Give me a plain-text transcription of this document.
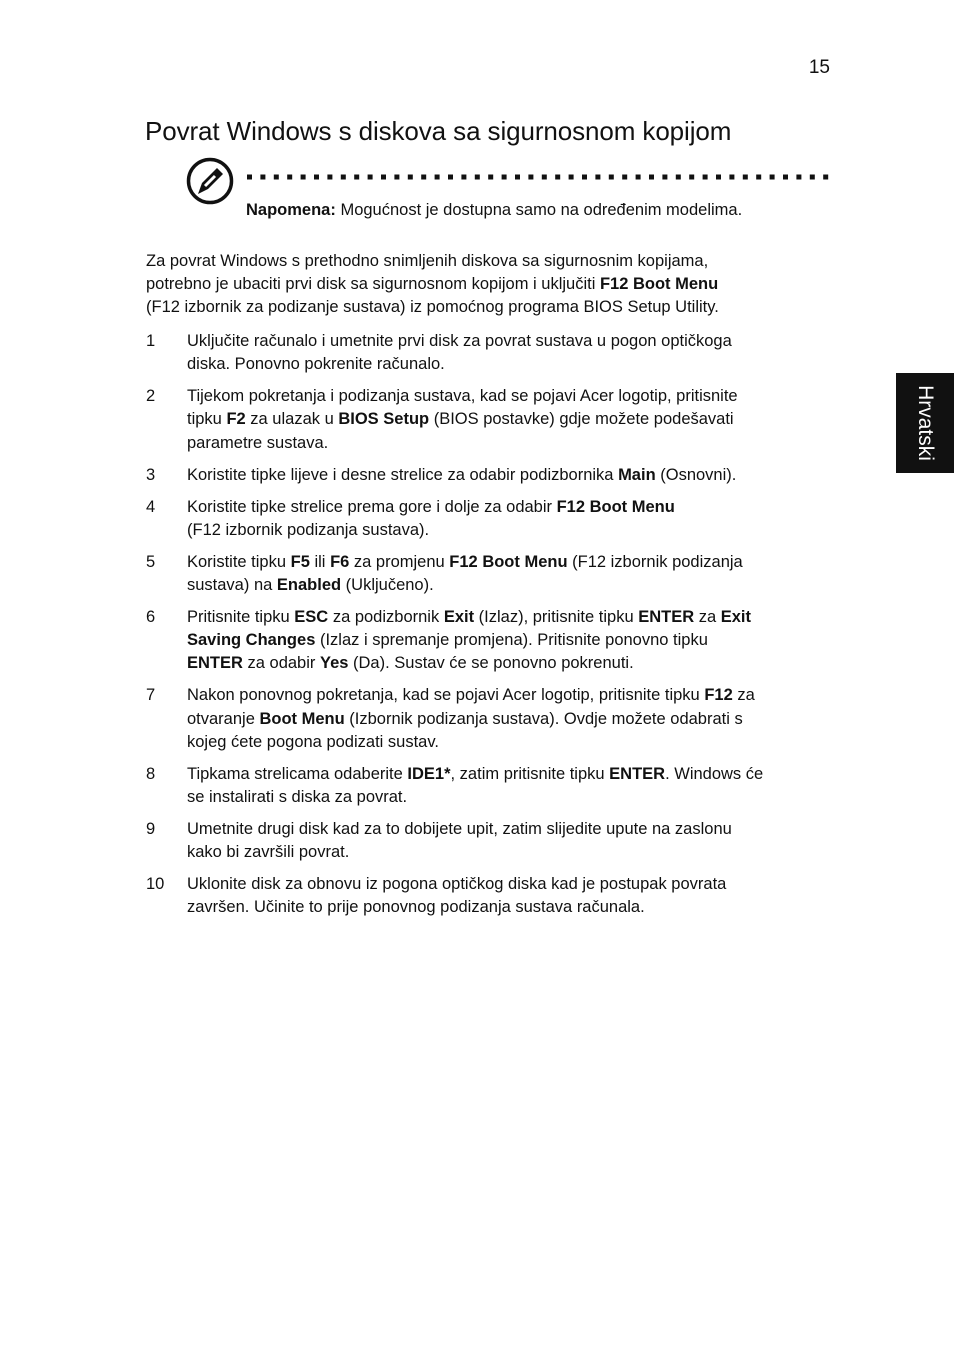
15
Povrat Windows s diskova sa sigurnosnom kopijom
Napomena: Mogućnost je dostupna samo na određenim modelima.
Za povrat Windows s prethodno snimljenih diskova sa sigurnosnim kopijama,
potrebno je ubaciti prvi disk sa sigurnosnom kopijom i uključiti F12 Boot Menu
(F12 izbornik za podizanje sustava) iz pomoćnog programa BIOS Setup Utility.
1	Uključite računalo i umetnite prvi disk za povrat sustava u pogon optičkoga
diska. Ponovno pokrenite računalo.
2	Tijekom pokretanja i podizanja sustava, kad se pojavi Acer logotip, pritisnite
tipku F2 za ulazak u BIOS Setup (BIOS postavke) gdje možete podešavati
parametre sustava.
3	Koristite tipke lijeve i desne strelice za odabir podizbornika Main (Osnovni).
4	Koristite tipke strelice prema gore i dolje za odabir F12 Boot Menu
(F12 izbornik podizanja sustava).
5	Koristite tipku F5 ili F6 za promjenu F12 Boot Menu (F12 izbornik podizanja
sustava) na Enabled (Uključeno).
6	Pritisnite tipku ESC za podizbornik Exit (Izlaz), pritisnite tipku ENTER za Exit
Saving Changes (Izlaz i spremanje promjena). Pritisnite ponovno tipku
ENTER za odabir Yes (Da). Sustav će se ponovno pokrenuti.
7	Nakon ponovnog pokretanja, kad se pojavi Acer logotip, pritisnite tipku F12 za
otvaranje Boot Menu (Izbornik podizanja sustava). Ovdje možete odabrati s
kojeg ćete pogona podizati sustav.
8	Tipkama strelicama odaberite IDE1*, zatim pritisnite tipku ENTER. Windows će
se instalirati s diska za povrat.
9	Umetnite drugi disk kad za to dobijete upit, zatim slijedite upute na zaslonu
kako bi završili povrat.
10	Uklonite disk za obnovu iz pogona optičkog diska kad je postupak povrata
završen. Učinite to prije ponovnog podizanja sustava računala.
Hrvatski
